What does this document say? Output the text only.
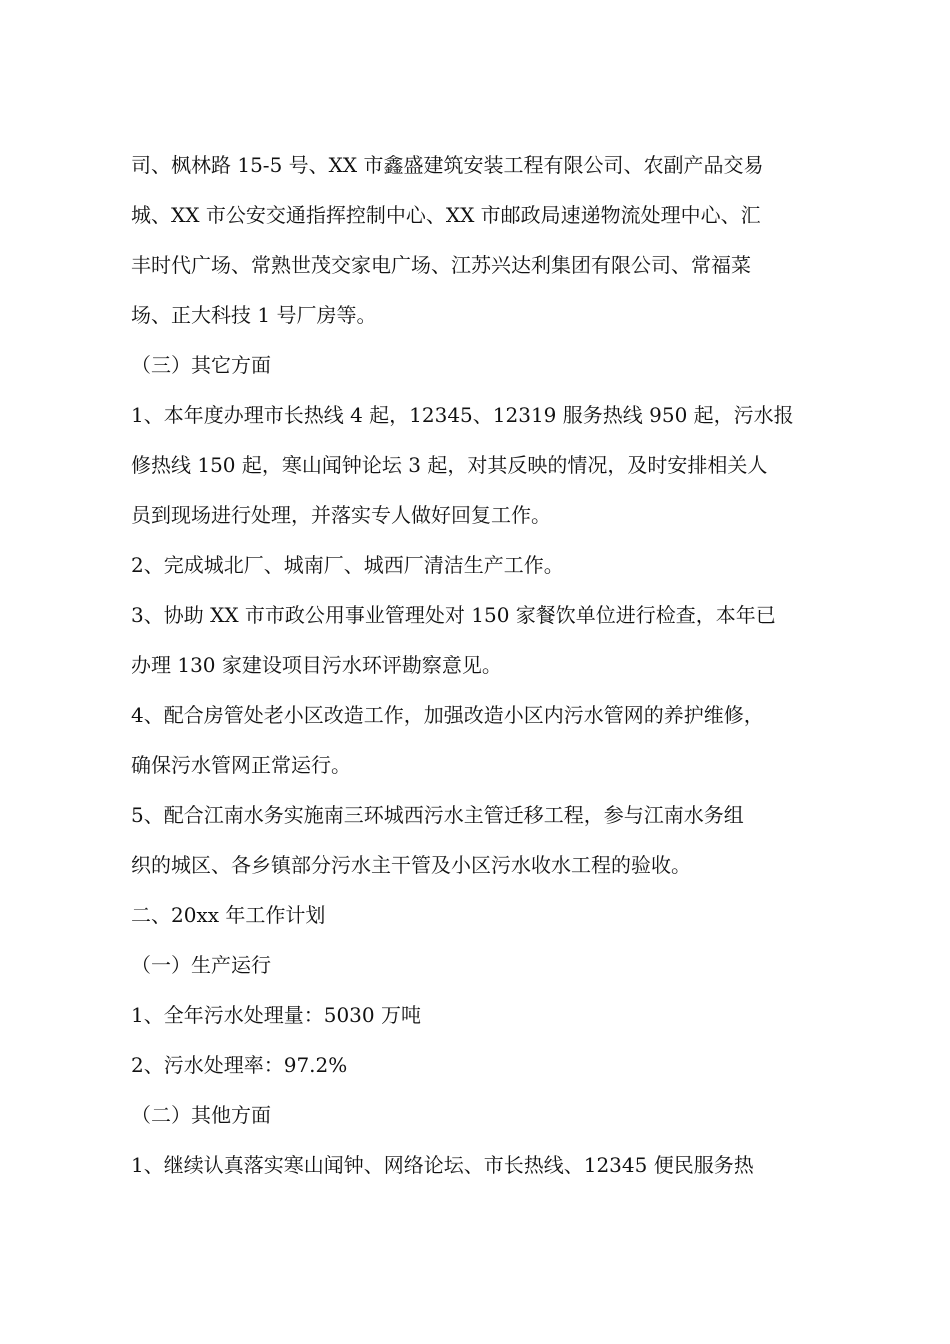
司、枫林路 15-5 号、XX 市鑫盛建筑安装工程有限公司、农副产品交易
城、XX 市公安交通指挥控制中心、XX 市邮政局速递物流处理中心、汇
丰时代广场、常熟世茂交家电广场、江苏兴达利集团有限公司、常福菜
场、正大科技 1 号厂房等。
（三）其它方面
1、本年度办理市长热线 4 起，12345、12319 服务热线 950 起，污水报
修热线 150 起，寒山闻钟论坛 3 起，对其反映的情况，及时安排相关人
员到现场进行处理，并落实专人做好回复工作。
2、完成城北厂、城南厂、城西厂清洁生产工作。
3、协助 XX 市市政公用事业管理处对 150 家餐饮单位进行检查，本年已
办理 130 家建设项目污水环评勘察意见。
4、配合房管处老小区改造工作，加强改造小区内污水管网的养护维修，
确保污水管网正常运行。
5、配合江南水务实施南三环城西污水主管迁移工程，参与江南水务组
织的城区、各乡镇部分污水主干管及小区污水收水工程的验收。
二、20xx 年工作计划
（一）生产运行
1、全年污水处理量：5030 万吨
2、污水处理率：97.2%
（二）其他方面
1、继续认真落实寒山闻钟、网络论坛、市长热线、12345 便民服务热
